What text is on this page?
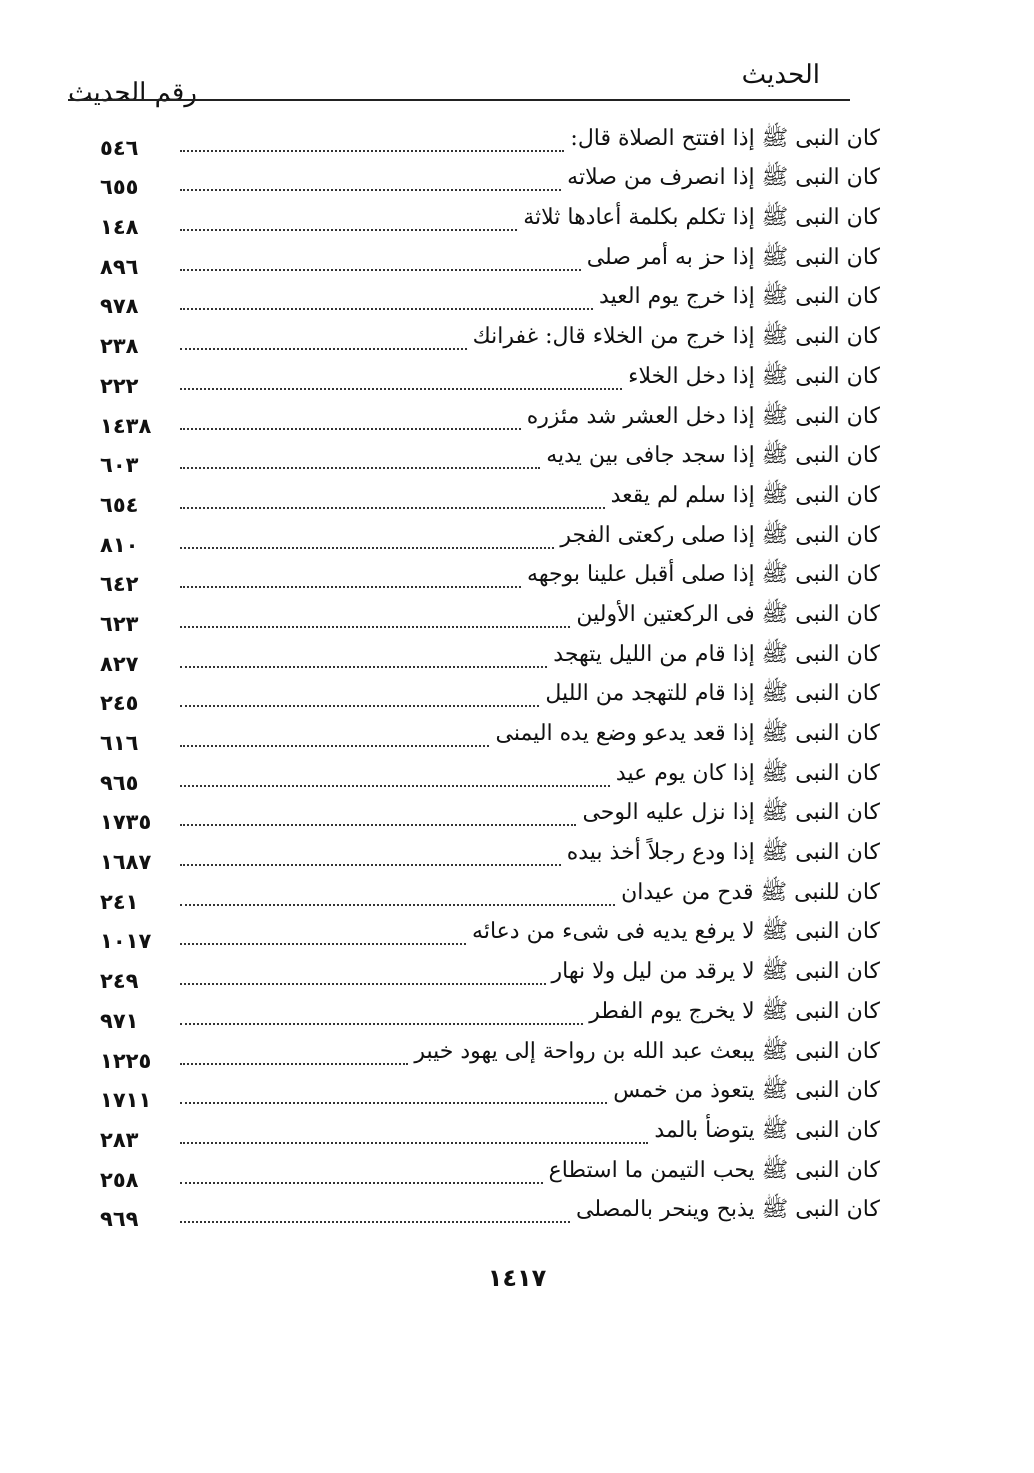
الحديث
رقم الحديث
٥٤٦	كان النبى ﷺ إذا افتتح الصلاة قال:
٦٥٥	كان النبى ﷺ إذا انصرف من صلاته
١٤٨	كان النبى ﷺ إذا تكلم بكلمة أعادها ثلاثة
٨٩٦	كان النبى ﷺ إذا حز به أمر صلى
٩٧٨	كان النبى ﷺ إذا خرج يوم العيد
٢٣٨	كان النبى ﷺ إذا خرج من الخلاء قال: غفرانك
٢٢٢	كان النبى ﷺ إذا دخل الخلاء
١٤٣٨	كان النبى ﷺ إذا دخل العشر شد مئزره
٦٠٣	كان النبى ﷺ إذا سجد جافى بين يديه
٦٥٤	كان النبى ﷺ إذا سلم لم يقعد
٨١٠	كان النبى ﷺ إذا صلى ركعتى الفجر
٦٤٢	كان النبى ﷺ إذا صلى أقبل علينا بوجهه
٦٢٣	كان النبى ﷺ فى الركعتين الأولين
٨٢٧	كان النبى ﷺ إذا قام من الليل يتهجد
٢٤٥	كان النبى ﷺ إذا قام للتهجد من الليل
٦١٦	كان النبى ﷺ إذا قعد يدعو وضع يده اليمنى
٩٦٥	كان النبى ﷺ إذا كان يوم عيد
١٧٣٥	كان النبى ﷺ إذا نزل عليه الوحى
١٦٨٧	كان النبى ﷺ إذا ودع رجلاً أخذ بيده
٢٤١	كان للنبى ﷺ قدح من عيدان
١٠١٧	كان النبى ﷺ لا يرفع يديه فى شىء من دعائه
٢٤٩	كان النبى ﷺ لا يرقد من ليل ولا نهار
٩٧١	كان النبى ﷺ لا يخرج يوم الفطر
١٢٢٥	كان النبى ﷺ يبعث عبد الله بن رواحة إلى يهود خيبر
١٧١١	كان النبى ﷺ يتعوذ من خمس
٢٨٣	كان النبى ﷺ يتوضأ بالمد
٢٥٨	كان النبى ﷺ يحب التيمن ما استطاع
٩٦٩	كان النبى ﷺ يذبح وينحر بالمصلى
١٤١٧
